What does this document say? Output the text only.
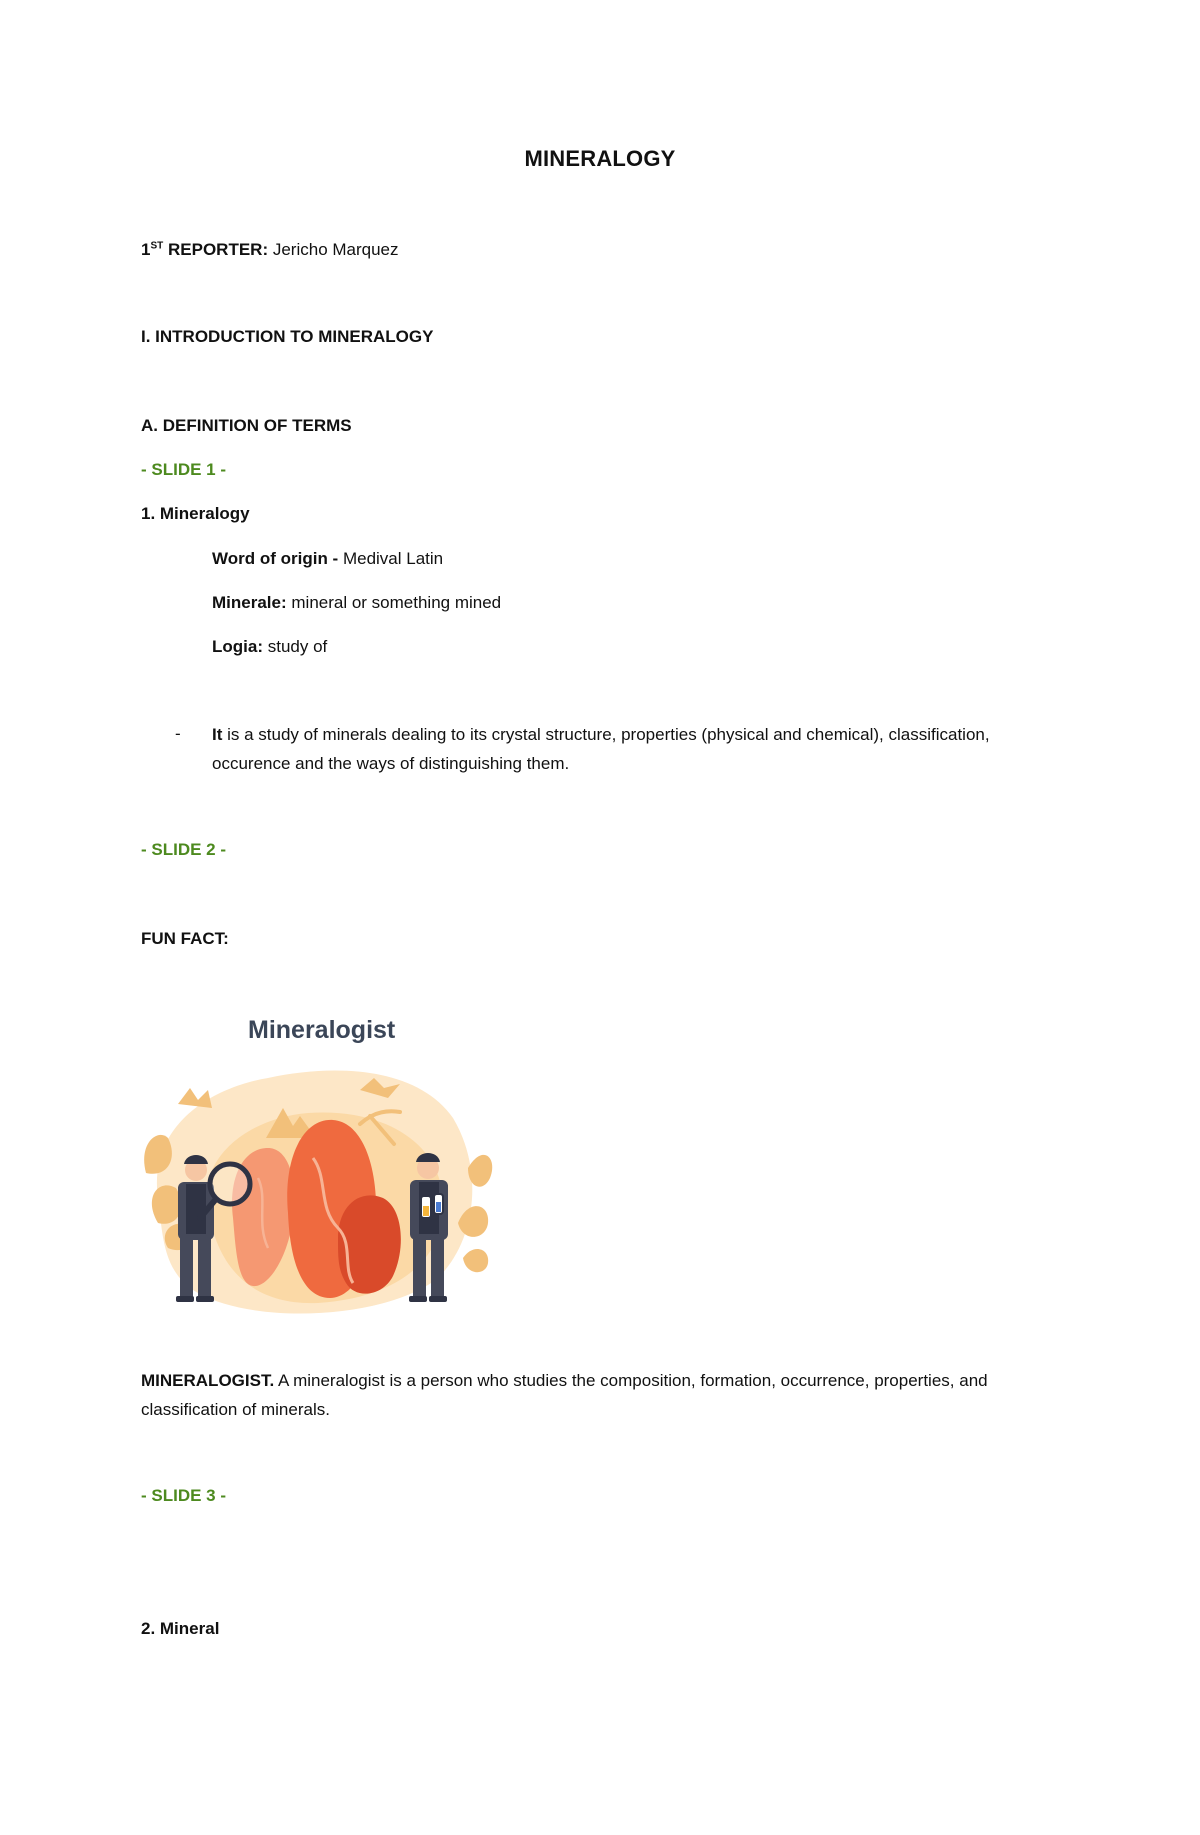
MINERALOGY
1ST REPORTER: Jericho Marquez
I. INTRODUCTION TO MINERALOGY
A. DEFINITION OF TERMS
- SLIDE 1 -
1. Mineralogy
Word of origin - Medival Latin
Minerale: mineral or something mined
Logia: study of
- It is a study of minerals dealing to its crystal structure, properties (physical and chemical), classification, occurence and the ways of distinguishing them.
- SLIDE 2 -
FUN FACT:
Mineralogist
MINERALOGIST. A mineralogist is a person who studies the composition, formation, occurrence, properties, and classification of minerals.
- SLIDE 3 -
2. Mineral
